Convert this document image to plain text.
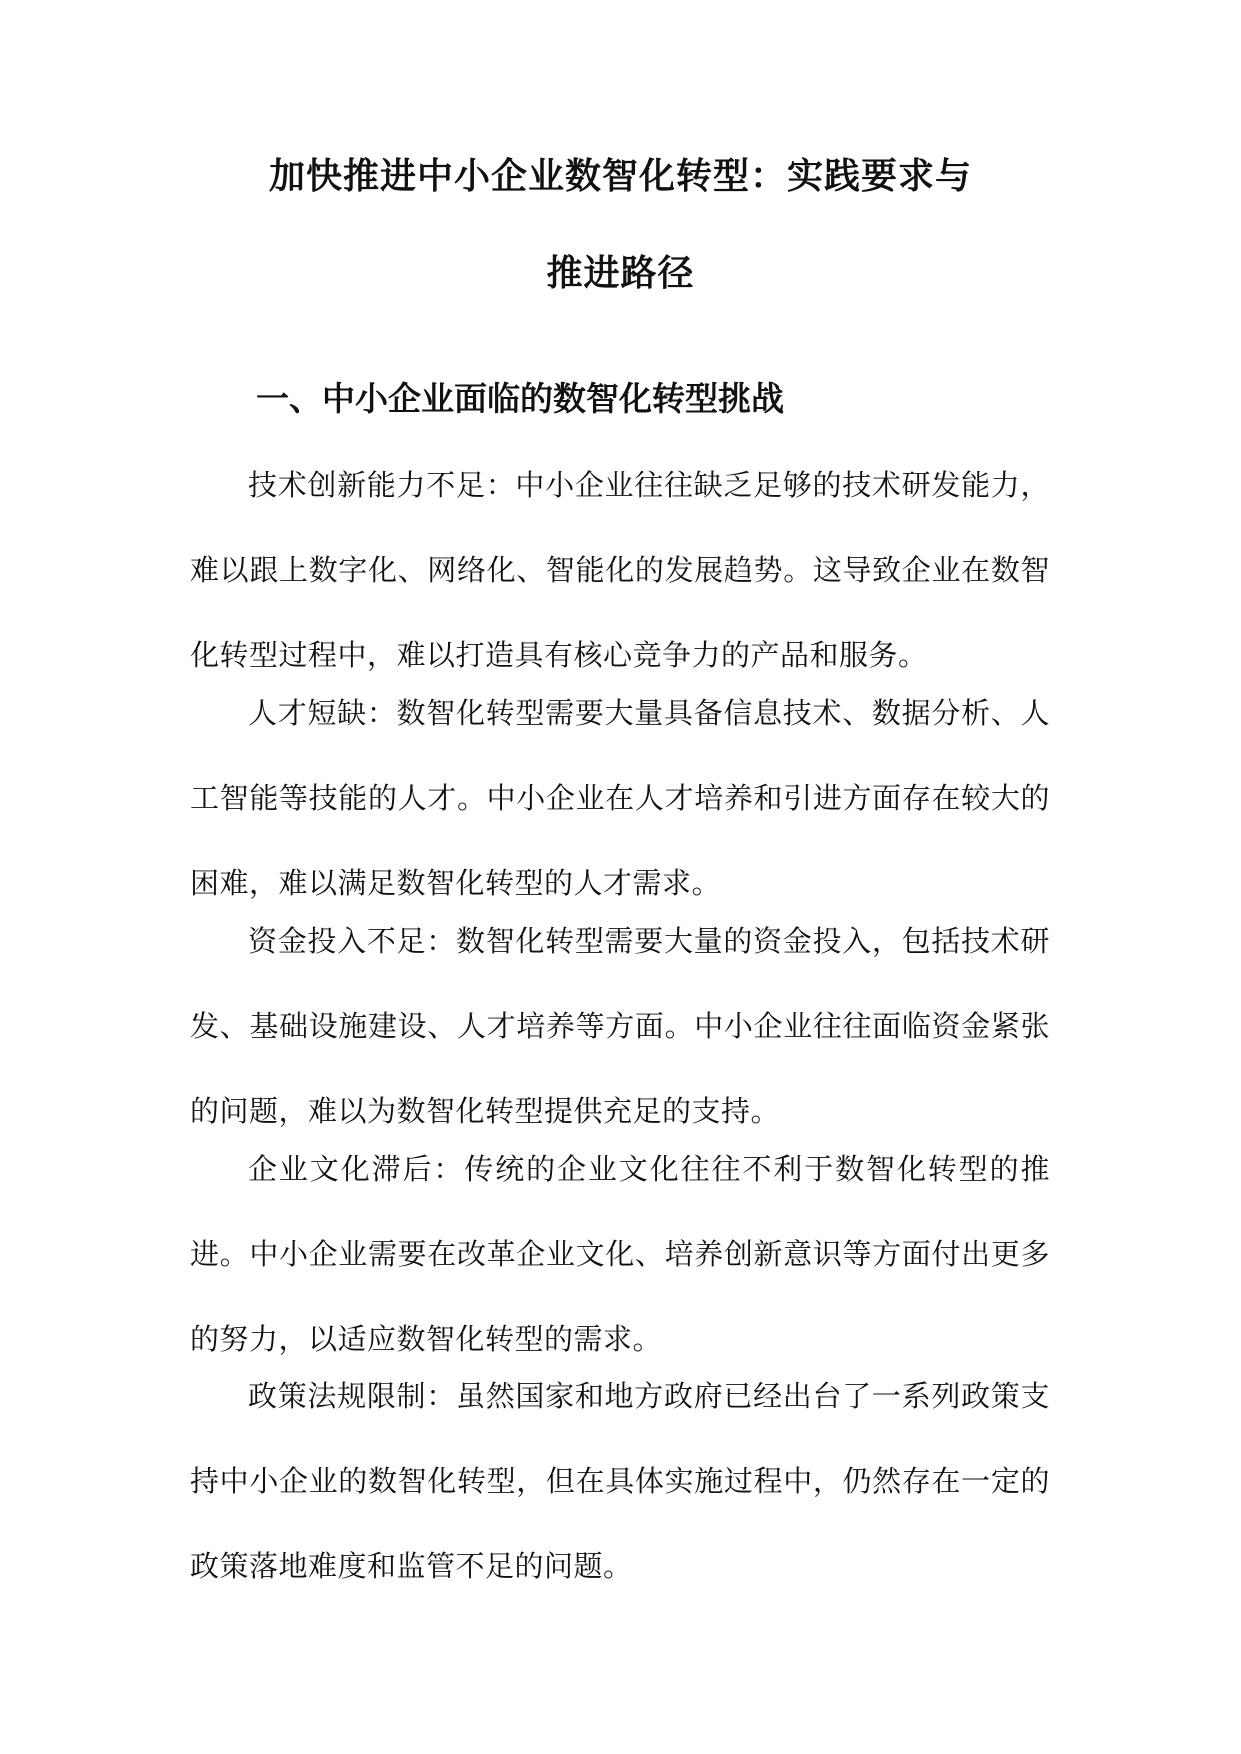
加快推进中小企业数智化转型：实践要求与
推进路径
一、中小企业面临的数智化转型挑战

技术创新能力不足：中小企业往往缺乏足够的技术研发能力，难以跟上数字化、网络化、智能化的发展趋势。这导致企业在数智化转型过程中，难以打造具有核心竞争力的产品和服务。

人才短缺：数智化转型需要大量具备信息技术、数据分析、人工智能等技能的人才。中小企业在人才培养和引进方面存在较大的困难，难以满足数智化转型的人才需求。

资金投入不足：数智化转型需要大量的资金投入，包括技术研发、基础设施建设、人才培养等方面。中小企业往往面临资金紧张的问题，难以为数智化转型提供充足的支持。

企业文化滞后：传统的企业文化往往不利于数智化转型的推进。中小企业需要在改革企业文化、培养创新意识等方面付出更多的努力，以适应数智化转型的需求。

政策法规限制：虽然国家和地方政府已经出台了一系列政策支持中小企业的数智化转型，但在具体实施过程中，仍然存在一定的政策落地难度和监管不足的问题。
